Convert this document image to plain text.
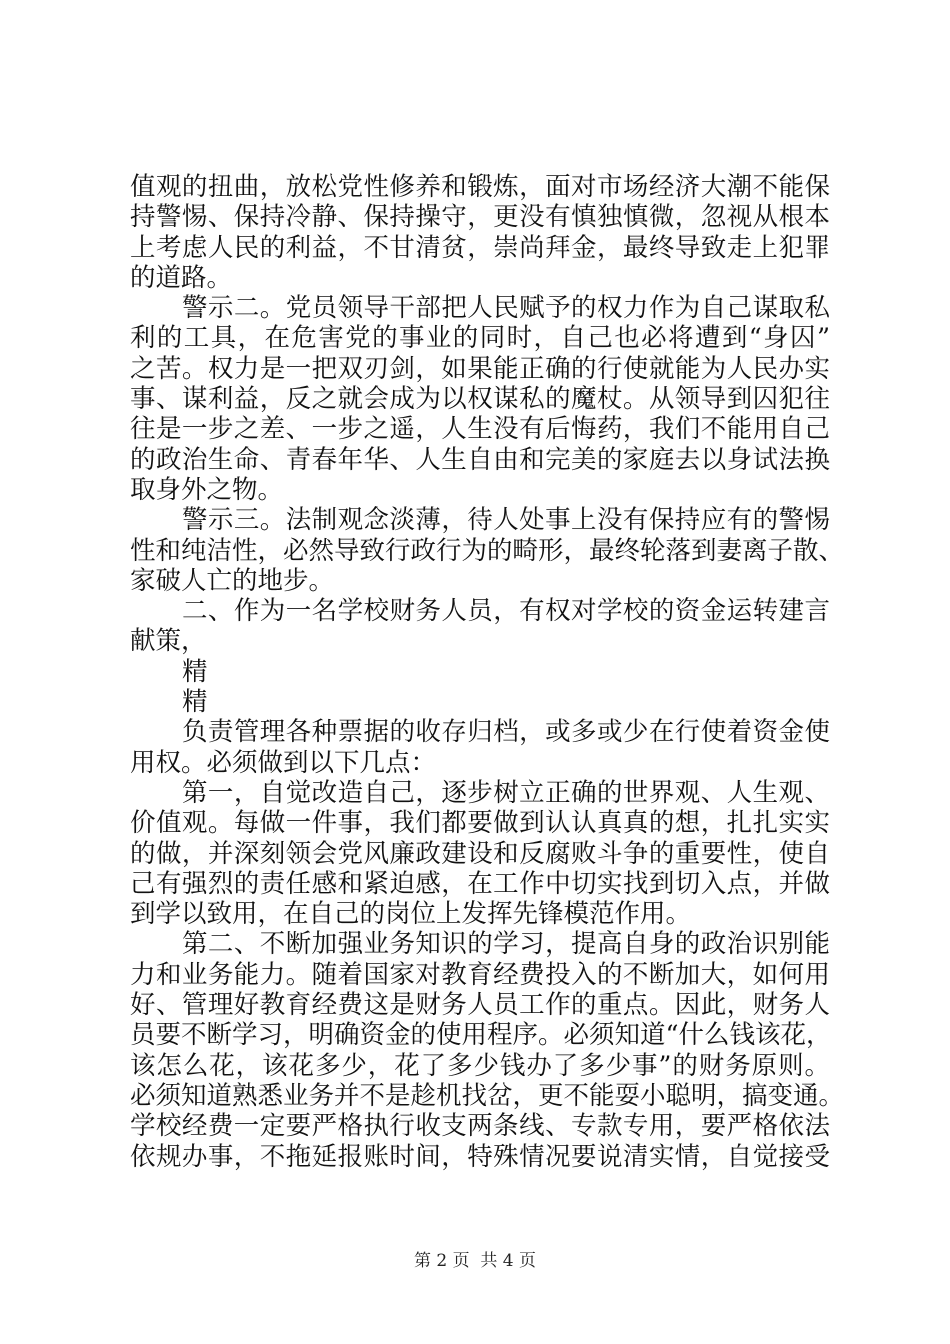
值观的扭曲，放松党性修养和锻炼，面对市场经济大潮不能保
持警惕、保持冷静、保持操守，更没有慎独慎微，忽视从根本
上考虑人民的利益，不甘清贫，崇尚拜金，最终导致走上犯罪
的道路。
警示二。党员领导干部把人民赋予的权力作为自己谋取私
利的工具，在危害党的事业的同时，自己也必将遭到“身囚”
之苦。权力是一把双刃剑，如果能正确的行使就能为人民办实
事、谋利益，反之就会成为以权谋私的魔杖。从领导到囚犯往
往是一步之差、一步之遥，人生没有后悔药，我们不能用自己
的政治生命、青春年华、人生自由和完美的家庭去以身试法换
取身外之物。
警示三。法制观念淡薄，待人处事上没有保持应有的警惕
性和纯洁性，必然导致行政行为的畸形，最终轮落到妻离子散、
家破人亡的地步。
二、作为一名学校财务人员，有权对学校的资金运转建言
献策，
精
精
负责管理各种票据的收存归档，或多或少在行使着资金使
用权。必须做到以下几点：
第一，自觉改造自己，逐步树立正确的世界观、人生观、
价值观。每做一件事，我们都要做到认认真真的想，扎扎实实
的做，并深刻领会党风廉政建设和反腐败斗争的重要性，使自
己有强烈的责任感和紧迫感，在工作中切实找到切入点，并做
到学以致用，在自己的岗位上发挥先锋模范作用。
第二、不断加强业务知识的学习，提高自身的政治识别能
力和业务能力。随着国家对教育经费投入的不断加大，如何用
好、管理好教育经费这是财务人员工作的重点。因此，财务人
员要不断学习，明确资金的使用程序。必须知道“什么钱该花，
该怎么花，该花多少，花了多少钱办了多少事”的财务原则。
必须知道熟悉业务并不是趁机找岔，更不能耍小聪明，搞变通。
学校经费一定要严格执行收支两条线、专款专用，要严格依法
依规办事，不拖延报账时间，特殊情况要说清实情，自觉接受
第 2 页  共 4 页
